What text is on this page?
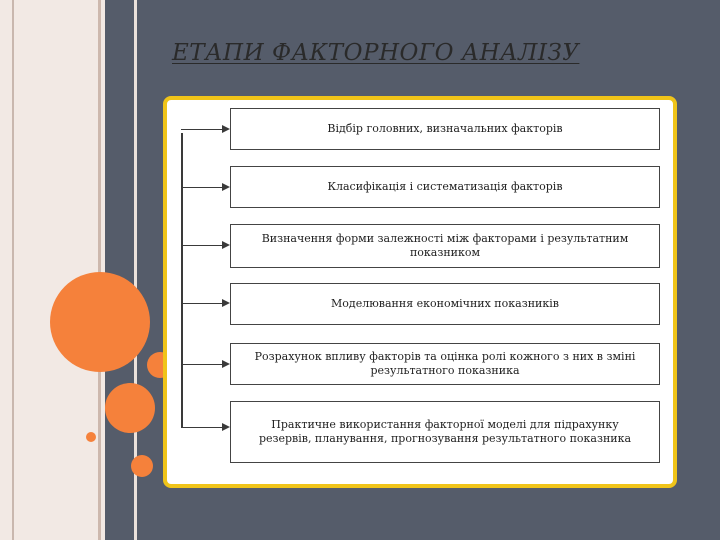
ЕТАПИ ФАКТОРНОГО АНАЛІЗУ
Відбір головних, визначальних факторів
Класифікація і систематизація факторів
Визначення форми залежності між факторами і результатним показником
Моделювання економічних показників
Розрахунок впливу факторів та оцінка ролі кожного з них в зміні результатного показника
Практичне використання факторної моделі для підрахунку резервів, планування, прогнозування результатного показника
